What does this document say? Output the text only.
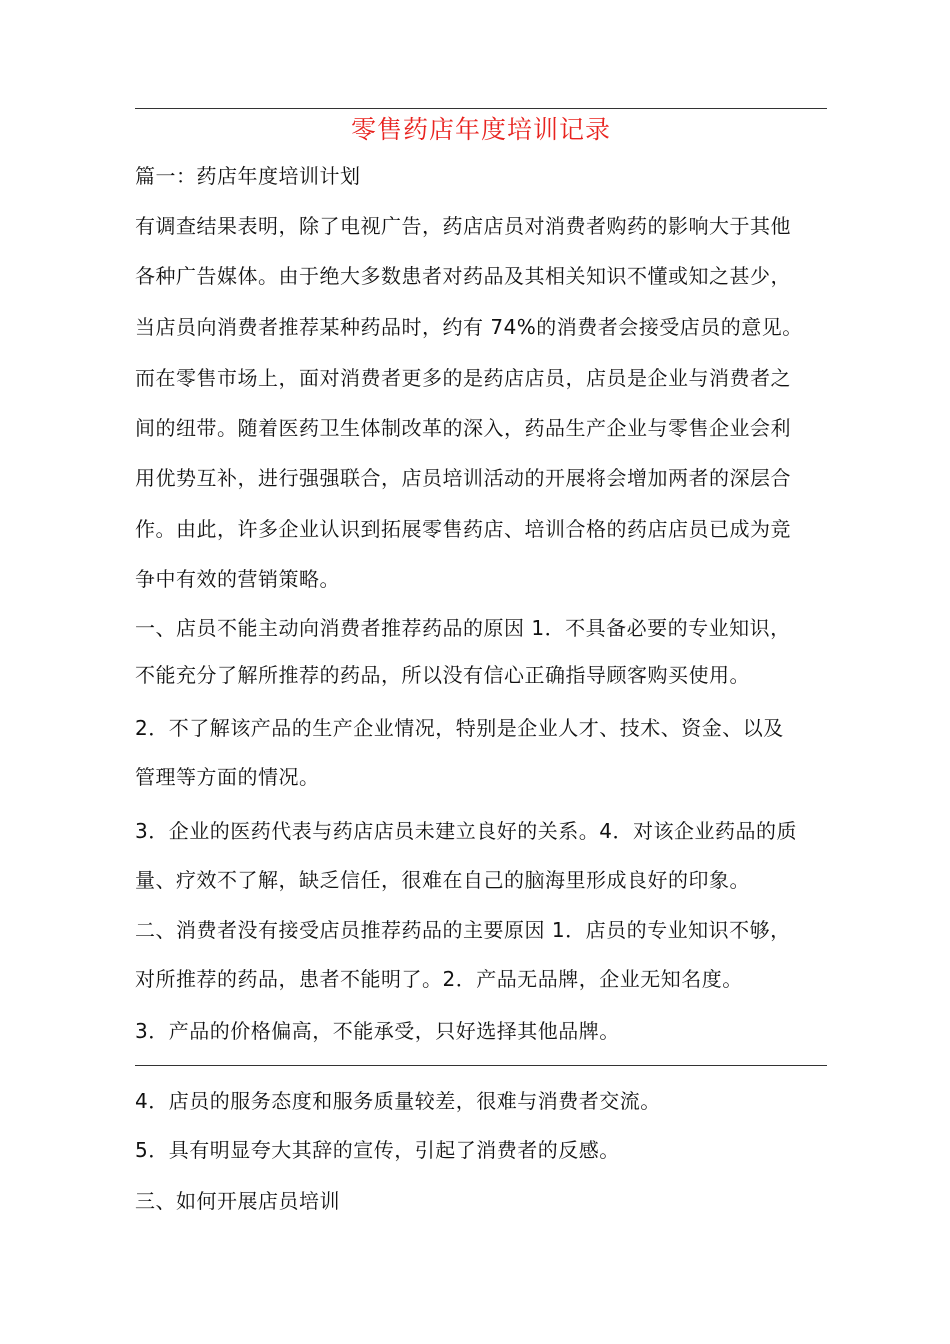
零售药店年度培训记录
篇一：药店年度培训计划
有调查结果表明，除了电视广告，药店店员对消费者购药的影响大于其他
各种广告媒体。由于绝大多数患者对药品及其相关知识不懂或知之甚少，
当店员向消费者推荐某种药品时，约有 74%的消费者会接受店员的意见。
而在零售市场上，面对消费者更多的是药店店员，店员是企业与消费者之
间的纽带。随着医药卫生体制改革的深入，药品生产企业与零售企业会利
用优势互补，进行强强联合，店员培训活动的开展将会增加两者的深层合
作。由此，许多企业认识到拓展零售药店、培训合格的药店店员已成为竞
争中有效的营销策略。
一、店员不能主动向消费者推荐药品的原因 1．不具备必要的专业知识，
不能充分了解所推荐的药品，所以没有信心正确指导顾客购买使用。
2．不了解该产品的生产企业情况，特别是企业人才、技术、资金、以及
管理等方面的情况。
3．企业的医药代表与药店店员未建立良好的关系。4．对该企业药品的质
量、疗效不了解，缺乏信任，很难在自己的脑海里形成良好的印象。
二、消费者没有接受店员推荐药品的主要原因 1．店员的专业知识不够，
对所推荐的药品，患者不能明了。2．产品无品牌，企业无知名度。
3．产品的价格偏高，不能承受，只好选择其他品牌。
4．店员的服务态度和服务质量较差，很难与消费者交流。
5．具有明显夸大其辞的宣传，引起了消费者的反感。
三、如何开展店员培训
